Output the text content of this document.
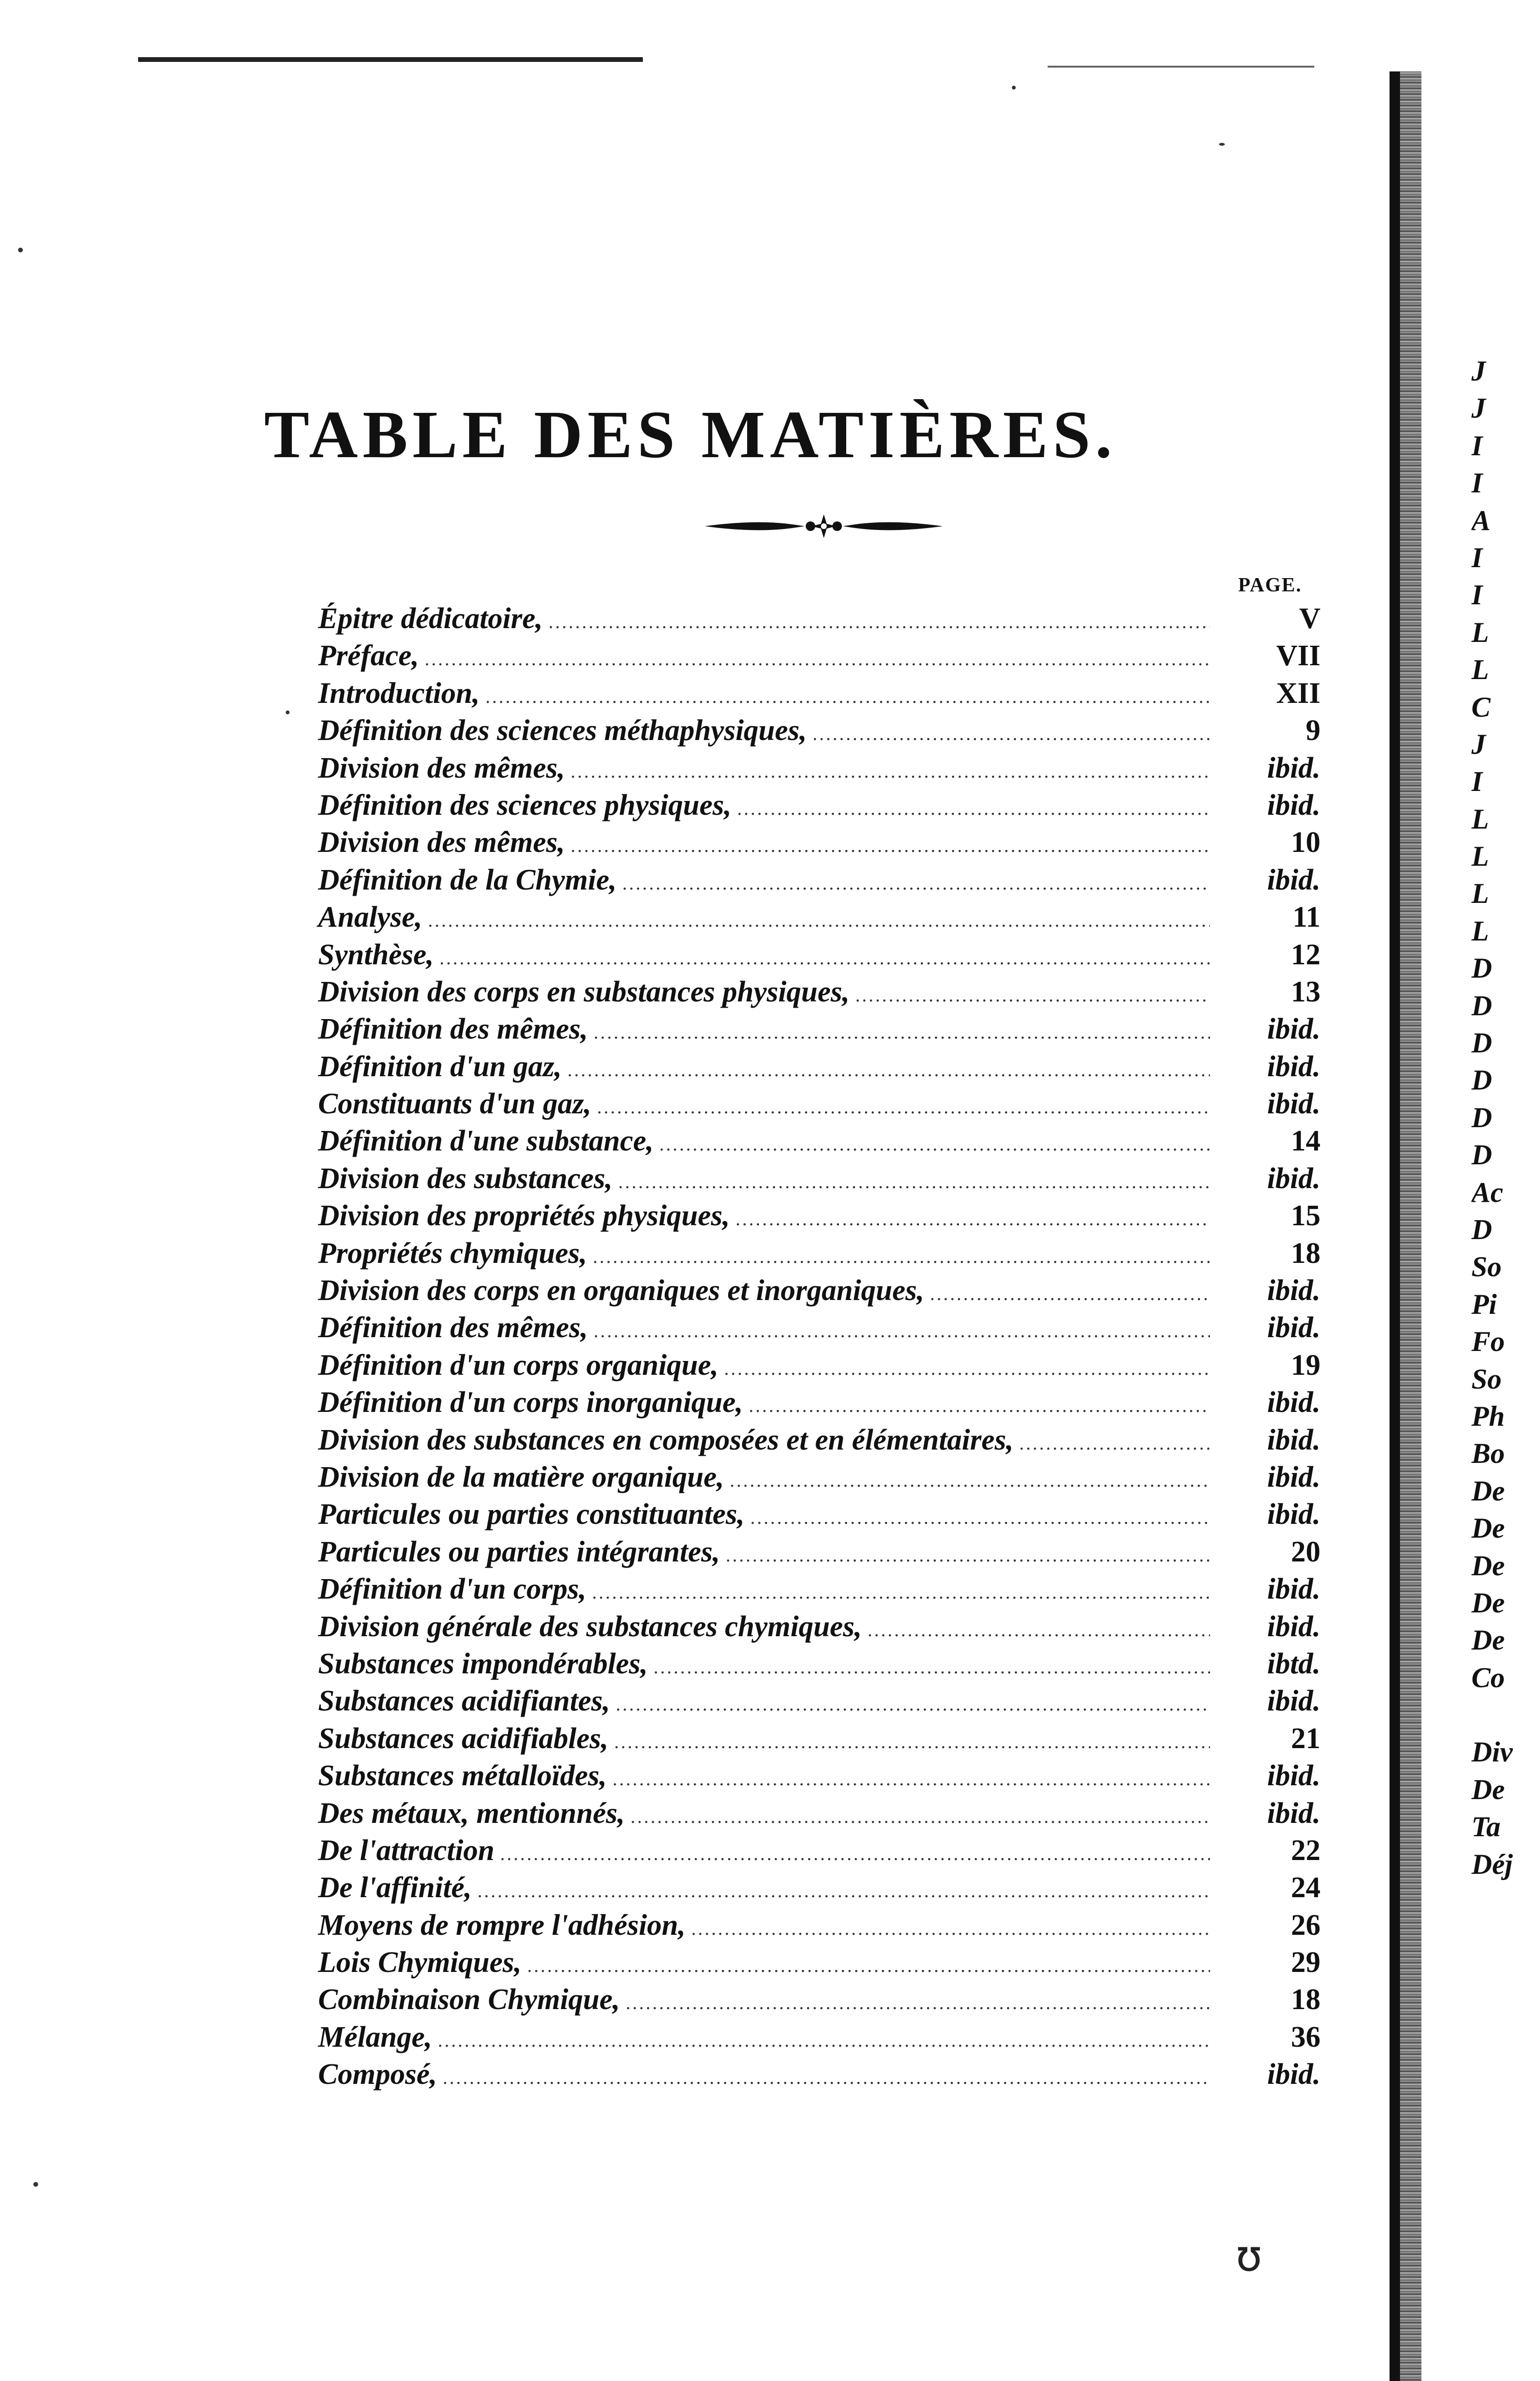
TABLE DES MATIÈRES.
PAGE.
Épitre dédicatoire, .....	V
Préface, .....	VII
Introduction, .....	XII
Définition des sciences méthaphysiques, .....	9
Division des mêmes, .....	ibid.
Définition des sciences physiques, .....	ibid.
Division des mêmes, .....	10
Définition de la Chymie, .....	ibid.
Analyse, .....	11
Synthèse, .....	12
Division des corps en substances physiques, .....	13
Définition des mêmes, .....	ibid.
Définition d'un gaz, .....	ibid.
Constituants d'un gaz, .....	ibid.
Définition d'une substance, .....	14
Division des substances, .....	ibid.
Division des propriétés physiques, .....	15
Propriétés chymiques, .....	18
Division des corps en organiques et inorganiques, .....	ibid.
Définition des mêmes, .....	ibid.
Définition d'un corps organique, .....	19
Définition d'un corps inorganique, .....	ibid.
Division des substances en composées et en élémentaires, .....	ibid.
Division de la matière organique, .....	ibid.
Particules ou parties constituantes, .....	ibid.
Particules ou parties intégrantes, .....	20
Définition d'un corps, .....	ibid.
Division générale des substances chymiques, .....	ibid.
Substances impondérables, .....	ibtd.
Substances acidifiantes, .....	ibid.
Substances acidifiables, .....	21
Substances métalloïdes, .....	ibid.
Des métaux, mentionnés, .....	ibid.
De l'attraction .....	22
De l'affinité, .....	24
Moyens de rompre l'adhésion, .....	26
Lois Chymiques, .....	29
Combinaison Chymique, .....	18
Mélange, .....	36
Composé, .....	ibid.
J
J
I
I
A
I
I
L
L
C
J
I
L
L
L
L
D
D
D
D
D
D
Ac
D
So
Pi
Fo
So
Ph
Bo
De
De
De
De
De
Co
Div
De
Ta
Déj
ʊ
